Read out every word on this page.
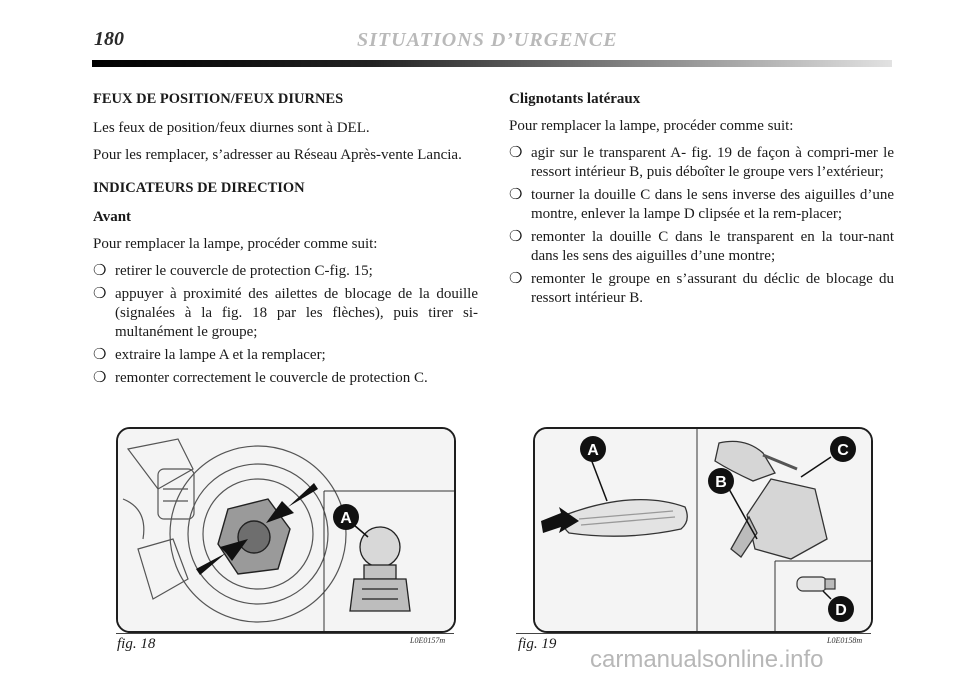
180	SITUATIONS D’URGENCE
FEUX DE POSITION/FEUX DIURNES
Les feux de position/feux diurnes sont à DEL.
Pour les remplacer, s’adresser au Réseau Après-vente Lancia.
INDICATEURS DE DIRECTION
Avant
Pour remplacer la lampe, procéder comme suit:
❍ retirer le couvercle de protection C-fig. 15;
❍ appuyer à proximité des ailettes de blocage de la douille (signalées à la fig. 18 par les flèches), puis tirer si-multanément le groupe;
❍ extraire la lampe A et la remplacer;
❍ remonter correctement le couvercle de protection C.
Clignotants latéraux
Pour remplacer la lampe, procéder comme suit:
❍ agir sur le transparent A- fig. 19 de façon à compri-mer le ressort intérieur B, puis déboîter le groupe vers l’extérieur;
❍ tourner la douille C dans le sens inverse des aiguilles d’une montre, enlever la lampe D clipsée et la rem-placer;
❍ remonter la douille C dans le transparent en la tour-nant dans les sens des aiguilles d’une montre;
❍ remonter le groupe en s’assurant du déclic de blocage du ressort intérieur B.
A
fig. 18	L0E0157m
A
B
C
D
fig. 19	L0E0158m
carmanualsonline.info
